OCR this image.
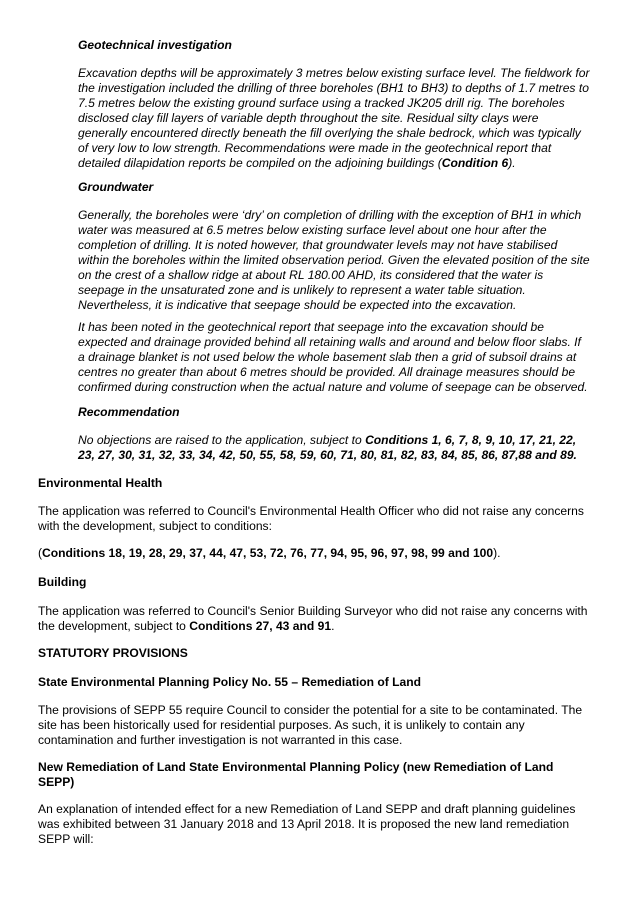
Geotechnical investigation

Excavation depths will be approximately 3 metres below existing surface level. The fieldwork for
the investigation included the drilling of three boreholes (BH1 to BH3) to depths of 1.7 metres to
7.5 metres below the existing ground surface using a tracked JK205 drill rig. The boreholes
disclosed clay fill layers of variable depth throughout the site. Residual silty clays were
generally encountered directly beneath the fill overlying the shale bedrock, which was typically
of very low to low strength. Recommendations were made in the geotechnical report that
detailed dilapidation reports be compiled on the adjoining buildings (Condition 6).

Groundwater

Generally, the boreholes were ‘dry’ on completion of drilling with the exception of BH1 in which
water was measured at 6.5 metres below existing surface level about one hour after the
completion of drilling. It is noted however, that groundwater levels may not have stabilised
within the boreholes within the limited observation period. Given the elevated position of the site
on the crest of a shallow ridge at about RL 180.00 AHD, its considered that the water is
seepage in the unsaturated zone and is unlikely to represent a water table situation.
Nevertheless, it is indicative that seepage should be expected into the excavation.

It has been noted in the geotechnical report that seepage into the excavation should be
expected and drainage provided behind all retaining walls and around and below floor slabs. If
a drainage blanket is not used below the whole basement slab then a grid of subsoil drains at
centres no greater than about 6 metres should be provided. All drainage measures should be
confirmed during construction when the actual nature and volume of seepage can be observed.

Recommendation

No objections are raised to the application, subject to Conditions 1, 6, 7, 8, 9, 10, 17, 21, 22,
23, 27, 30, 31, 32, 33, 34, 42, 50, 55, 58, 59, 60, 71, 80, 81, 82, 83, 84, 85, 86, 87,88 and 89.

Environmental Health

The application was referred to Council's Environmental Health Officer who did not raise any concerns
with the development, subject to conditions:

(Conditions 18, 19, 28, 29, 37, 44, 47, 53, 72, 76, 77, 94, 95, 96, 97, 98, 99 and 100).

Building

The application was referred to Council's Senior Building Surveyor who did not raise any concerns with
the development, subject to Conditions 27, 43 and 91.

STATUTORY PROVISIONS

State Environmental Planning Policy No. 55 – Remediation of Land

The provisions of SEPP 55 require Council to consider the potential for a site to be contaminated. The
site has been historically used for residential purposes. As such, it is unlikely to contain any
contamination and further investigation is not warranted in this case.

New Remediation of Land State Environmental Planning Policy (new Remediation of Land
SEPP)

An explanation of intended effect for a new Remediation of Land SEPP and draft planning guidelines
was exhibited between 31 January 2018 and 13 April 2018. It is proposed the new land remediation
SEPP will:
